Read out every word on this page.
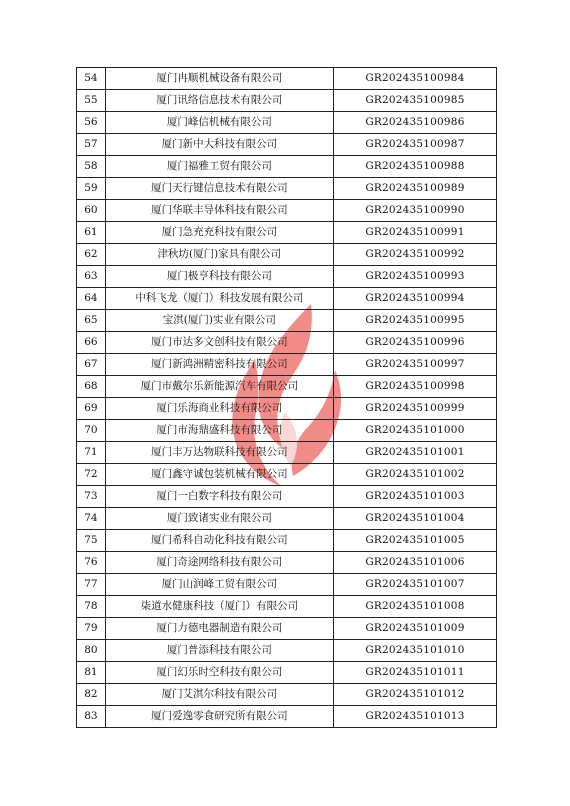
54	厦门冉顺机械设备有限公司	GR202435100984
55	厦门讯络信息技术有限公司	GR202435100985
56	厦门峰信机械有限公司	GR202435100986
57	厦门新中大科技有限公司	GR202435100987
58	厦门福雅工贸有限公司	GR202435100988
59	厦门天行键信息技术有限公司	GR202435100989
60	厦门华联丰导体科技有限公司	GR202435100990
61	厦门急充充科技有限公司	GR202435100991
62	津秋坊(厦门)家具有限公司	GR202435100992
63	厦门极亨科技有限公司	GR202435100993
64	中科飞龙（厦门）科技发展有限公司	GR202435100994
65	宝淇(厦门)实业有限公司	GR202435100995
66	厦门市达多文创科技有限公司	GR202435100996
67	厦门新鸿洲精密科技有限公司	GR202435100997
68	厦门市戴尔乐新能源汽车有限公司	GR202435100998
69	厦门乐海商业科技有限公司	GR202435100999
70	厦门市海鼎盛科技有限公司	GR202435101000
71	厦门丰万达物联科技有限公司	GR202435101001
72	厦门鑫守诚包装机械有限公司	GR202435101002
73	厦门一白数字科技有限公司	GR202435101003
74	厦门致诸实业有限公司	GR202435101004
75	厦门希科自动化科技有限公司	GR202435101005
76	厦门奇途网络科技有限公司	GR202435101006
77	厦门山润峰工贸有限公司	GR202435101007
78	柒道水健康科技（厦门）有限公司	GR202435101008
79	厦门力德电器制造有限公司	GR202435101009
80	厦门普添科技有限公司	GR202435101010
81	厦门幻乐时空科技有限公司	GR202435101011
82	厦门艾淇尔科技有限公司	GR202435101012
83	厦门爱逸零食研究所有限公司	GR202435101013
